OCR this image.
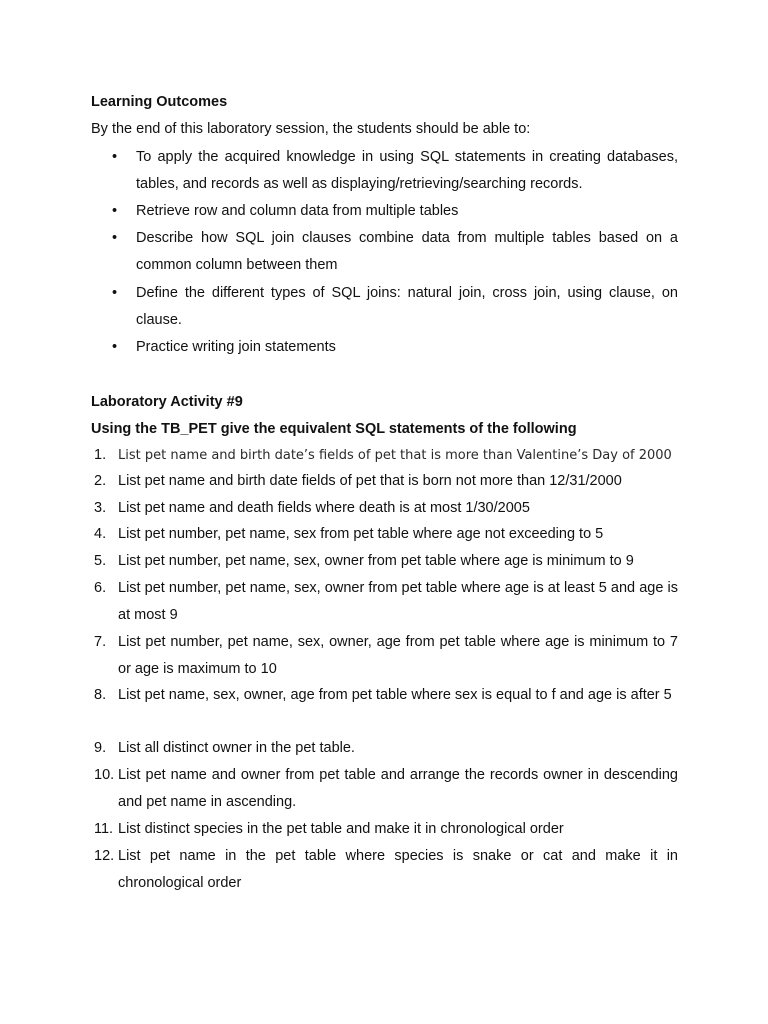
Learning Outcomes
By the end of this laboratory session, the students should be able to:
•	To apply the acquired knowledge in using SQL statements in creating databases, tables, and records as well as displaying/retrieving/searching records.
•	Retrieve row and column data from multiple tables
•	Describe how SQL join clauses combine data from multiple tables based on a common column between them
•	Define the different types of SQL joins: natural join, cross join, using clause, on clause.
•	Practice writing join statements
Laboratory Activity #9
Using the TB_PET give the equivalent SQL statements of the following
1. List pet name and birth date’s fields of pet that is more than Valentine’s Day of 2000
2. List pet name and birth date fields of pet that is born not more than 12/31/2000
3. List pet name and death fields where death is at most 1/30/2005
4. List pet number, pet name, sex from pet table where age not exceeding to 5
5. List pet number, pet name, sex, owner from pet table where age is minimum to 9
6. List pet number, pet name, sex, owner from pet table where age is at least 5 and age is at most 9
7. List pet number, pet name, sex, owner, age from pet table where age is minimum to 7 or age is maximum to 10
8. List pet name, sex, owner, age from pet table where sex is equal to f and age is after 5
9. List all distinct owner in the pet table.
10. List pet name and owner from pet table and arrange the records owner in descending and pet name in ascending.
11. List distinct species in the pet table and make it in chronological order
12. List pet name in the pet table where species is snake or cat and make it in chronological order
